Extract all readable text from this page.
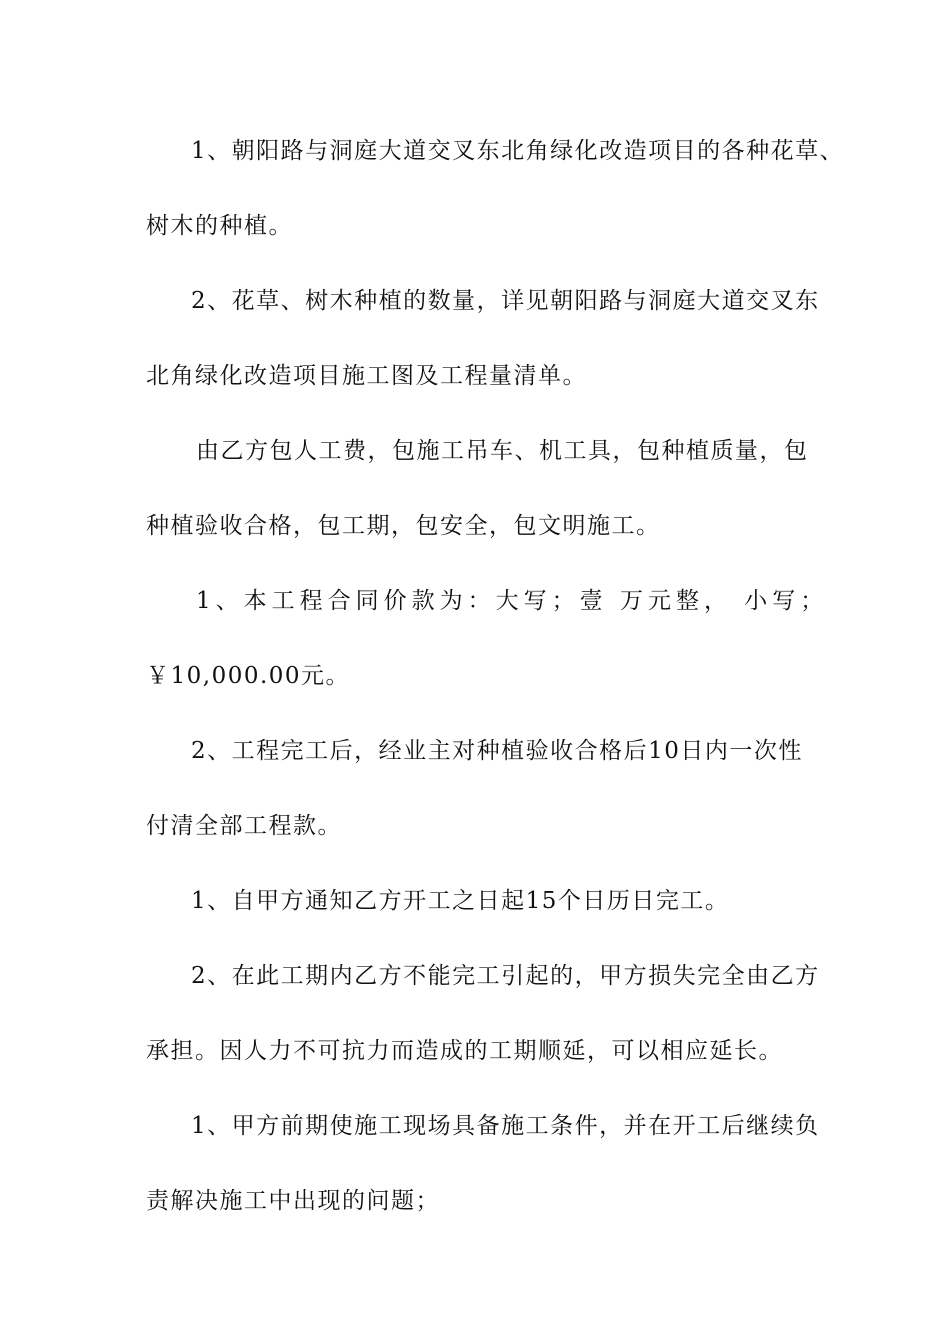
1、朝阳路与洞庭大道交叉东北角绿化改造项目的各种花草、
树木的种植。
2、花草、树木种植的数量，详见朝阳路与洞庭大道交叉东
北角绿化改造项目施工图及工程量清单。
由乙方包人工费，包施工吊车、机工具，包种植质量，包
种植验收合格，包工期，包安全，包文明施工。
1、本工程合同价款为：大写；壹 万元整， 小写；
￥10,000.00元。
2、工程完工后，经业主对种植验收合格后10日内一次性
付清全部工程款。
1、自甲方通知乙方开工之日起15个日历日完工。
2、在此工期内乙方不能完工引起的，甲方损失完全由乙方
承担。因人力不可抗力而造成的工期顺延，可以相应延长。
1、甲方前期使施工现场具备施工条件，并在开工后继续负
责解决施工中出现的问题；
